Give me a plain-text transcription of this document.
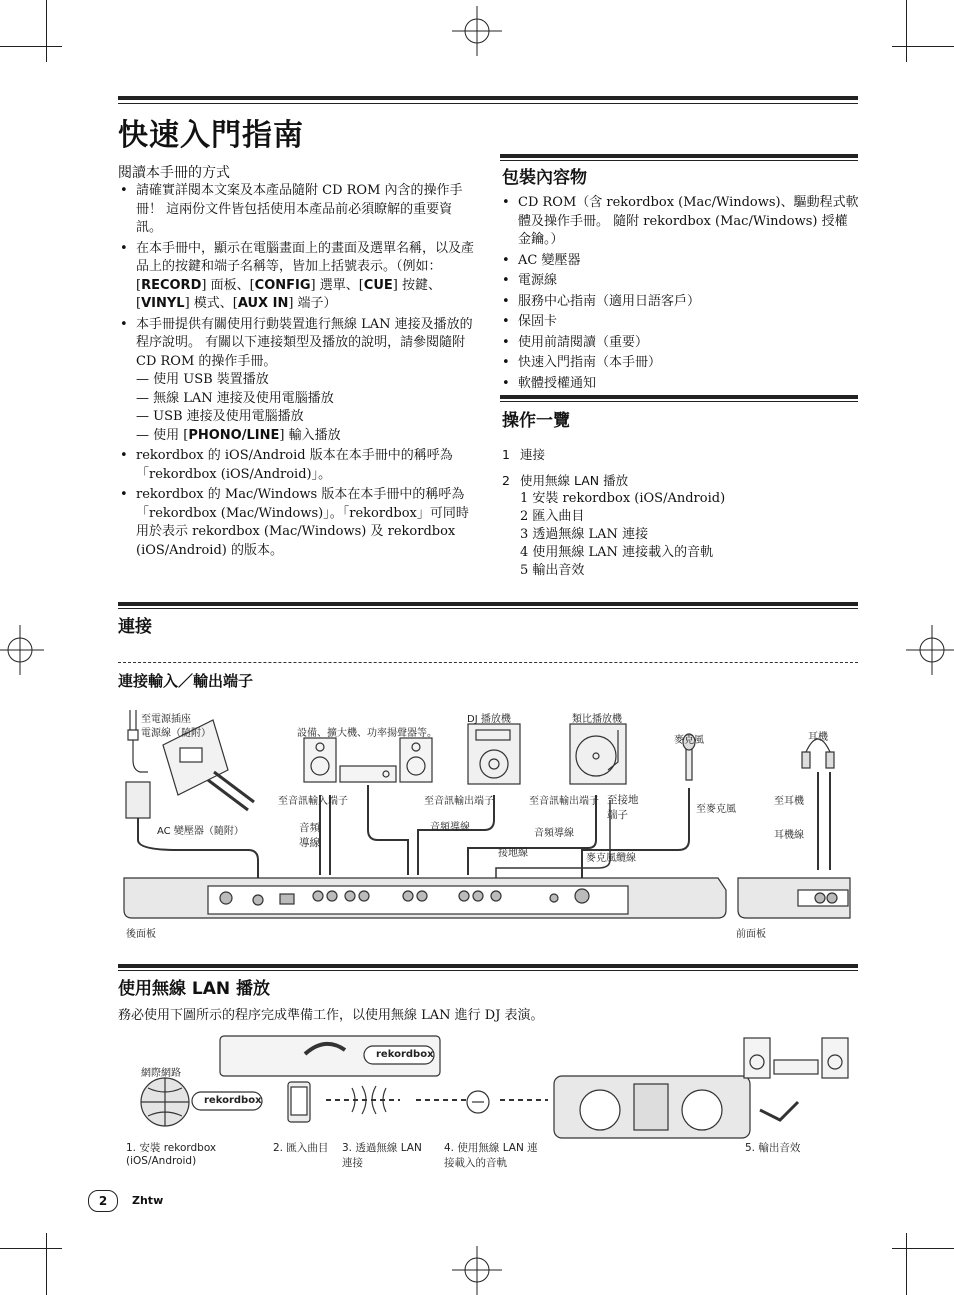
快速入門指南
閱讀本手冊的方式
• 請確實詳閱本文案及本產品隨附 CD ROM 內含的操作手冊！ 這兩份文件皆包括使用本產品前必須瞭解的重要資訊。
• 在本手冊中，顯示在電腦畫面上的畫面及選單名稱，以及產品上的按鍵和端子名稱等，皆加上括號表示。（例如：[RECORD] 面板、[CONFIG] 選單、[CUE] 按鍵、[VINYL] 模式、[AUX IN] 端子）
• 本手冊提供有關使用行動裝置進行無線 LAN 連接及播放的程序說明。 有關以下連接類型及播放的說明，請參閱隨附 CD ROM 的操作手冊。
— 使用 USB 裝置播放
— 無線 LAN 連接及使用電腦播放
— USB 連接及使用電腦播放
— 使用 [PHONO/LINE] 輸入播放
• rekordbox 的 iOS/Android 版本在本手冊中的稱呼為「rekordbox (iOS/Android)」。
• rekordbox 的 Mac/Windows 版本在本手冊中的稱呼為「rekordbox (Mac/Windows)」。「rekordbox」可同時用於表示 rekordbox (Mac/Windows) 及 rekordbox (iOS/Android) 的版本。
包裝內容物
• CD ROM（含 rekordbox (Mac/Windows)、驅動程式軟體及操作手冊。 隨附 rekordbox (Mac/Windows) 授權金鑰。）
• AC 變壓器
• 電源線
• 服務中心指南（適用日語客戶）
• 保固卡
• 使用前請閱讀（重要）
• 快速入門指南（本手冊）
• 軟體授權通知
操作一覽
1 連接
2 使用無線 LAN 播放
1 安裝 rekordbox (iOS/Android)
2 匯入曲目
3 透過無線 LAN 連接
4 使用無線 LAN 連接載入的音軌
5 輸出音效
連接
連接輸入／輸出端子
至電源插座
電源線（隨附）
AC 變壓器（隨附）
設備、擴大機、功率揚聲器等。
DJ 播放機	類比播放機
麥克風	耳機
至音訊輸入端子	至音訊輸出端子	至音訊輸出端子 至接地端子	至麥克風
至耳機
音頻導線
音頻導線
音頻導線
接地線	麥克風纜線
耳機線
後面板	前面板
使用無線 LAN 播放
務必使用下圖所示的程序完成準備工作，以使用無線 LAN 進行 DJ 表演。
網際網路
rekordbox
rekordbox
1. 安裝 rekordbox (iOS/Android)
2. 匯入曲目	3. 透過無線 LAN 連接
4. 使用無線 LAN 連接載入的音軌
5. 輸出音效
2	Zhtw
